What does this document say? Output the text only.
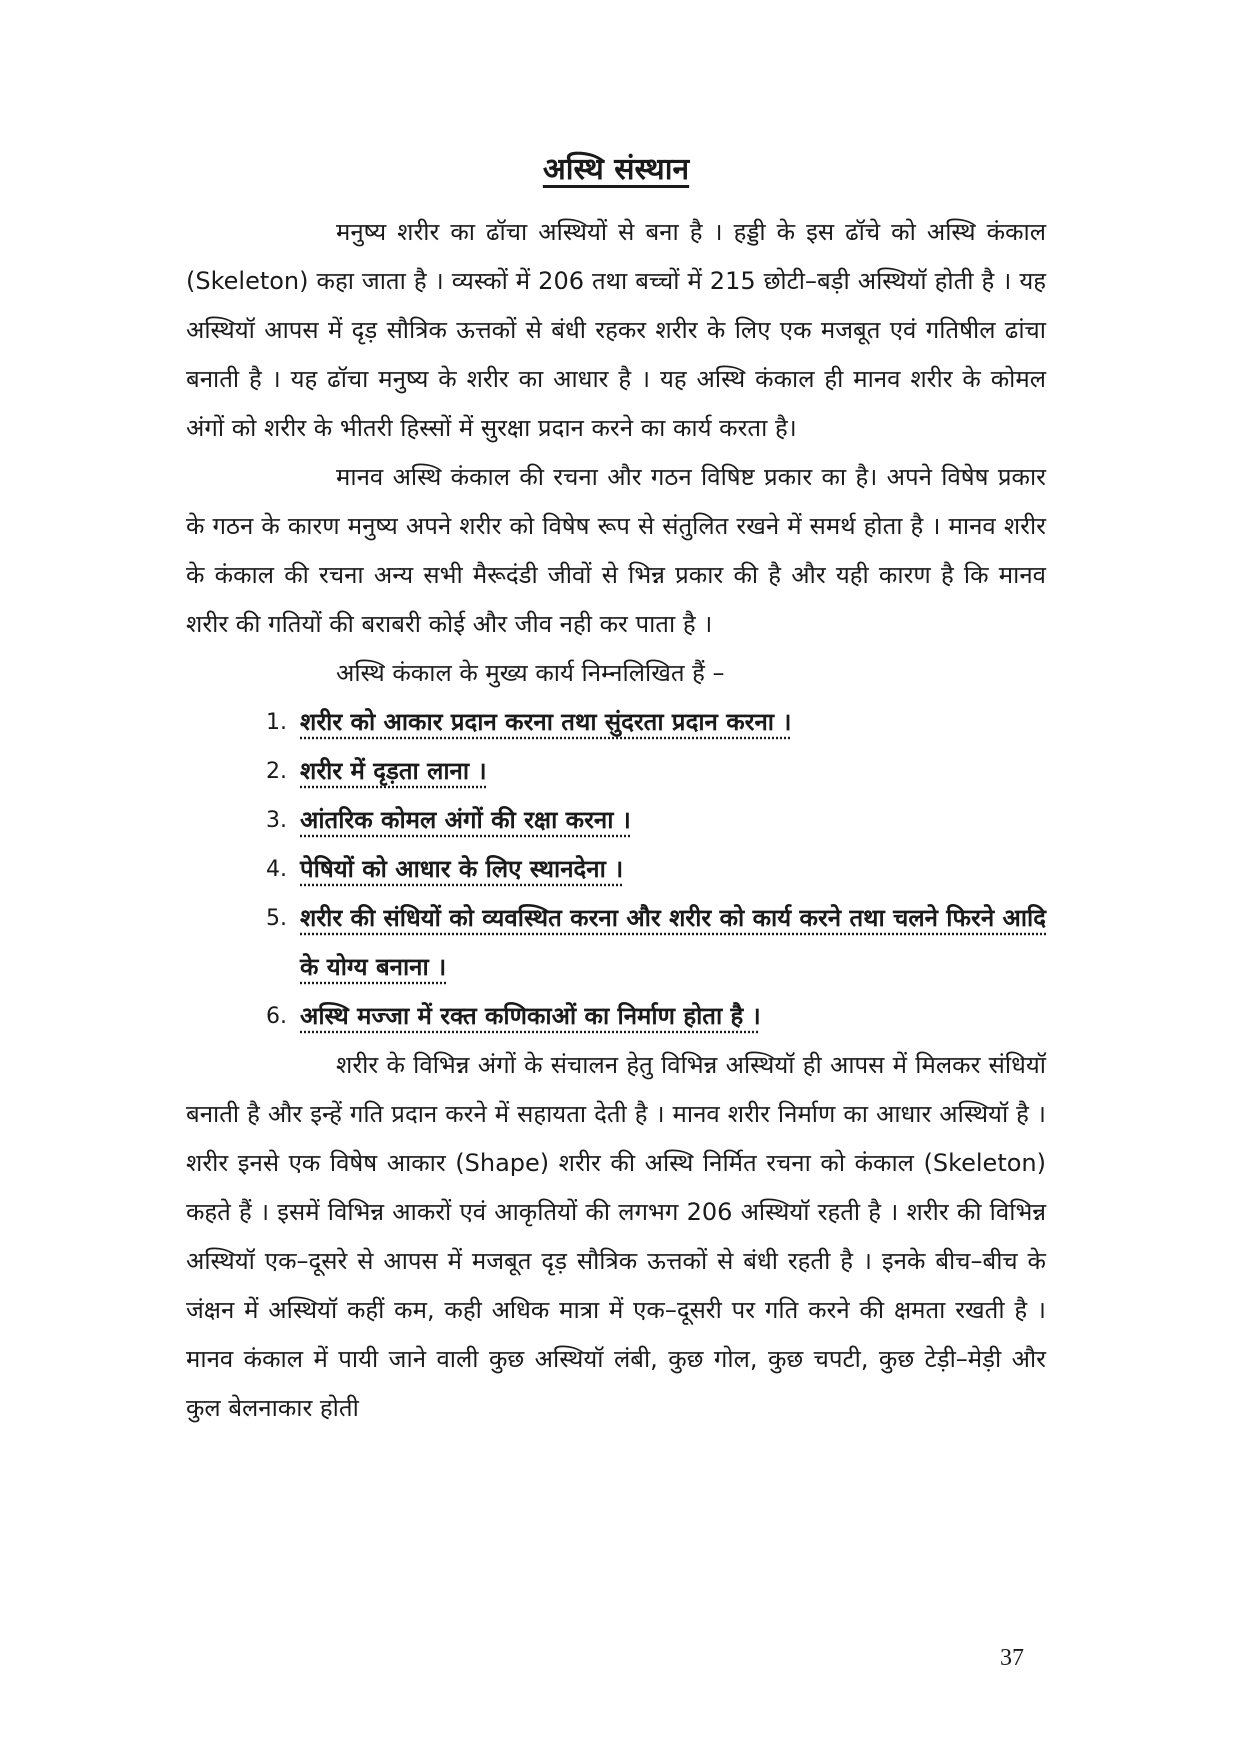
अस्थि संस्थान

मनुष्य शरीर का ढॉचा अस्थियों से बना है । हड्डी के इस ढॉचे को अस्थि कंकाल (Skeleton) कहा जाता है । व्यस्कों में 206 तथा बच्चों में 215 छोटी–बड़ी अस्थियॉ होती है । यह अस्थियॉ आपस में दृड़ सौत्रिक ऊत्तकों से बंधी रहकर शरीर के लिए एक मजबूत एवं गतिषील ढांचा बनाती है । यह ढॉचा मनुष्य के शरीर का आधार है । यह अस्थि कंकाल ही मानव शरीर के कोमल अंगों को शरीर के भीतरी हिस्सों में सुरक्षा प्रदान करने का कार्य करता है।

मानव अस्थि कंकाल की रचना और गठन विषिष्ट प्रकार का है। अपने विषेष प्रकार के गठन के कारण मनुष्य अपने शरीर को विषेष रूप से संतुलित रखने में समर्थ होता है । मानव शरीर के कंकाल की रचना अन्य सभी मैरूदंडी जीवों से भिन्न प्रकार की है और यही कारण है कि मानव शरीर की गतियों की बराबरी कोई और जीव नही कर पाता है ।

अस्थि कंकाल के मुख्य कार्य निम्नलिखित हैं –

1. शरीर को आकार प्रदान करना तथा सुंदरता प्रदान करना ।
2. शरीर में दृड़ता लाना ।
3. आंतरिक कोमल अंगों की रक्षा करना ।
4. पेषियों को आधार के लिए स्थानदेना ।
5. शरीर की संधियों को व्यवस्थित करना और शरीर को कार्य करने तथा चलने फिरने आदि के योग्य बनाना ।
6. अस्थि मज्जा में रक्त कणिकाओं का निर्माण होता है ।

शरीर के विभिन्न अंगों के संचालन हेतु विभिन्न अस्थियॉ ही आपस में मिलकर संधियॉ बनाती है और इन्हें गति प्रदान करने में सहायता देती है । मानव शरीर निर्माण का आधार अस्थियॉ है । शरीर इनसे एक विषेष आकार (Shape) शरीर की अस्थि निर्मित रचना को कंकाल (Skeleton) कहते हैं । इसमें विभिन्न आकरों एवं आकृतियों की लगभग 206 अस्थियॉ रहती है । शरीर की विभिन्न अस्थियॉ एक–दूसरे से आपस में मजबूत दृड़ सौत्रिक ऊत्तकों से बंधी रहती है । इनके बीच–बीच के जंक्षन में अस्थियॉ कहीं कम, कही अधिक मात्रा में एक–दूसरी पर गति करने की क्षमता रखती है । मानव कंकाल में पायी जाने वाली कुछ अस्थियॉ लंबी, कुछ गोल, कुछ चपटी, कुछ टेड़ी–मेड़ी और कुल बेलनाकार होती

37
